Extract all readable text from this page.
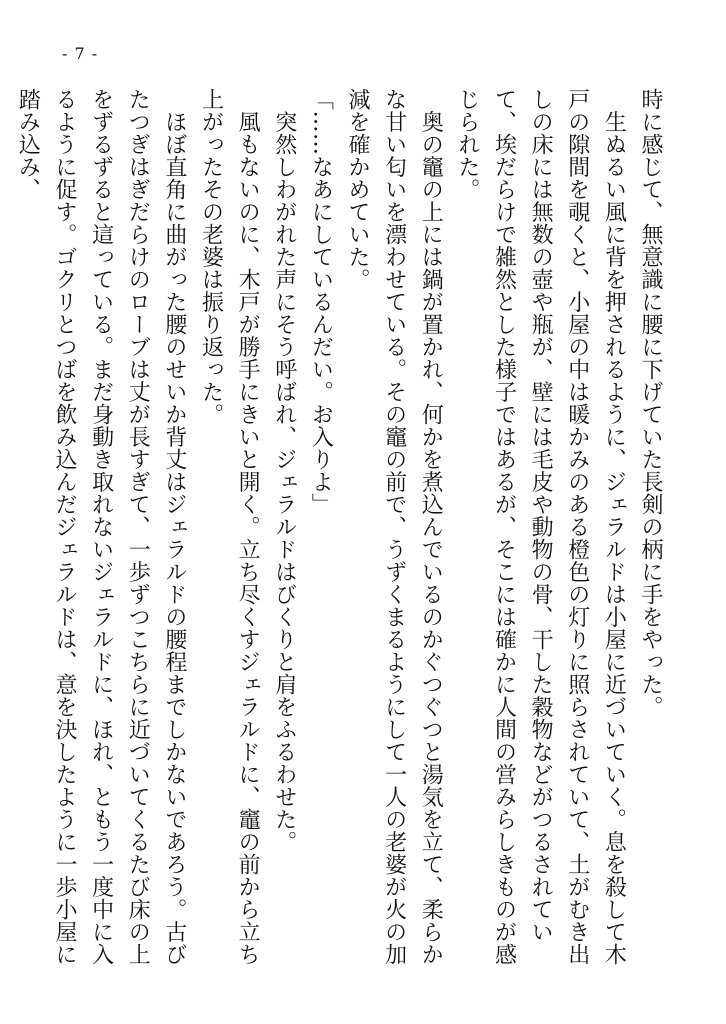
- 7 -

時に感じて、無意識に腰に下げていた長剣の柄に手をやった。

　生ぬるい風に背を押されるように、ジェラルドは小屋に近づいていく。息を殺して木戸の隙間を覗くと、小屋の中は暖かみのある橙色の灯りに照らされていて、土がむき出しの床には無数の壺や瓶が、壁には毛皮や動物の骨、干した穀物などがつるされていて、埃だらけで雑然とした様子ではあるが、そこには確かに人間の営みらしきものが感じられた。

　奥の竈の上には鍋が置かれ、何かを煮込んでいるのかぐつぐつと湯気を立て、柔らかな甘い匂いを漂わせている。その竈の前で、うずくまるようにして一人の老婆が火の加減を確かめていた。

「……なあにしているんだい。お入りよ」

　突然しわがれた声にそう呼ばれ、ジェラルドはびくりと肩をふるわせた。

　風もないのに、木戸が勝手にきいと開く。立ち尽くすジェラルドに、竈の前から立ち上がったその老婆は振り返った。

　ほぼ直角に曲がった腰のせいか背丈はジェラルドの腰程までしかないであろう。古びたつぎはぎだらけのローブは丈が長すぎて、一歩ずつこちらに近づいてくるたび床の上をずるずると這っている。まだ身動き取れないジェラルドに、ほれ、ともう一度中に入るように促す。ゴクリとつばを飲み込んだジェラルドは、意を決したように一歩小屋に踏み込み、
